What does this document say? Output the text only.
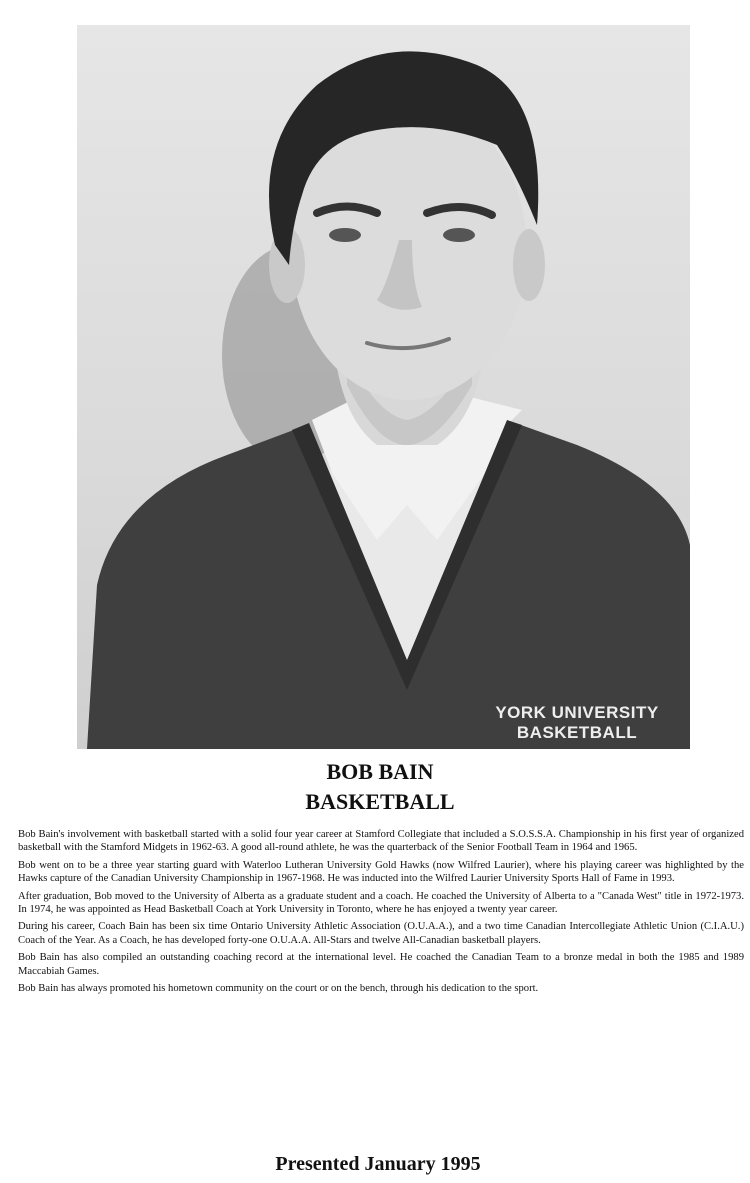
YORK UNIVERSITY
BASKETBALL
BOB BAIN
BASKETBALL

Bob Bain's involvement with basketball started with a solid four year career at Stamford Collegiate that included a S.O.S.S.A. Championship in his first year of organized basketball with the Stamford Midgets in 1962-63. A good all-round athlete, he was the quarterback of the Senior Football Team in 1964 and 1965.

Bob went on to be a three year starting guard with Waterloo Lutheran University Gold Hawks (now Wilfred Laurier), where his playing career was highlighted by the Hawks capture of the Canadian University Championship in 1967-1968. He was inducted into the Wilfred Laurier University Sports Hall of Fame in 1993.

After graduation, Bob moved to the University of Alberta as a graduate student and a coach. He coached the University of Alberta to a "Canada West" title in 1972-1973. In 1974, he was appointed as Head Basketball Coach at York University in Toronto, where he has enjoyed a twenty year career.

During his career, Coach Bain has been six time Ontario University Athletic Association (O.U.A.A.), and a two time Canadian Intercollegiate Athletic Union (C.I.A.U.) Coach of the Year. As a Coach, he has developed forty-one O.U.A.A. All-Stars and twelve All-Canadian basketball players.

Bob Bain has also compiled an outstanding coaching record at the international level. He coached the Canadian Team to a bronze medal in both the 1985 and 1989 Maccabiah Games.

Bob Bain has always promoted his hometown community on the court or on the bench, through his dedication to the sport.

Presented January 1995
